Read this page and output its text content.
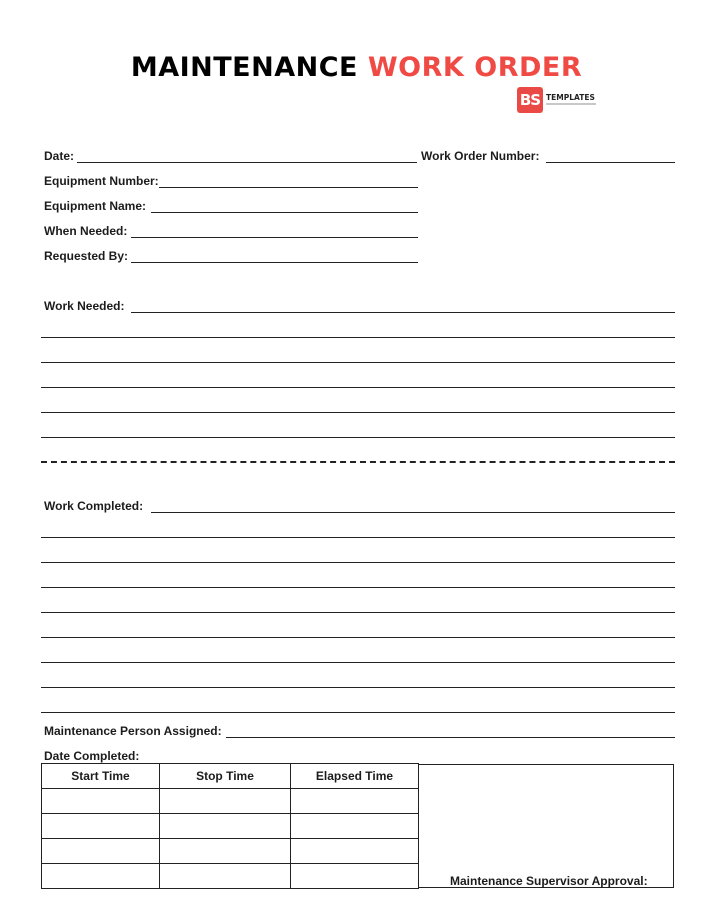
MAINTENANCE WORK ORDER
BS TEMPLATES
Date:	Work Order Number:
Equipment Number:
Equipment Name:
When Needed:
Requested By:
Work Needed:
Work Completed:
Maintenance Person Assigned:
Date Completed:
Start Time	Stop Time	Elapsed Time

Maintenance Supervisor Approval:
